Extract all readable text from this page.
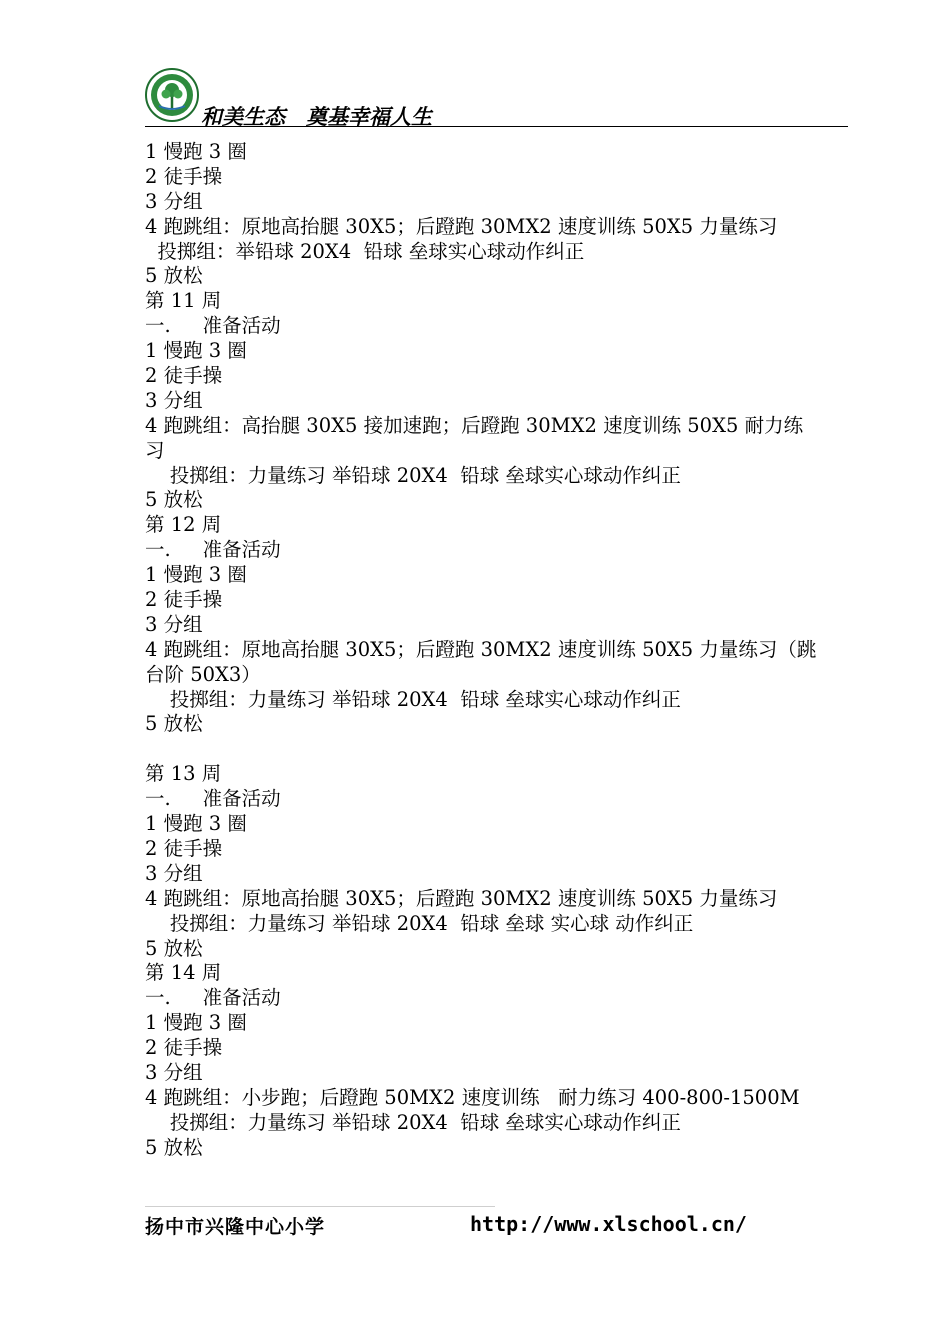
和美生态　奠基幸福人生
1 慢跑 3 圈
2 徒手操
3 分组
4 跑跳组：原地高抬腿 30X5；后蹬跑 30MX2 速度训练 50X5 力量练习
投掷组：举铅球 20X4  铅球 垒球实心球动作纠正
5 放松
第 11 周
一.　  准备活动
1 慢跑 3 圈
2 徒手操
3 分组
4 跑跳组：高抬腿 30X5 接加速跑；后蹬跑 30MX2 速度训练 50X5 耐力练
习
投掷组：力量练习 举铅球 20X4  铅球 垒球实心球动作纠正
5 放松
第 12 周
一.　  准备活动
1 慢跑 3 圈
2 徒手操
3 分组
4 跑跳组：原地高抬腿 30X5；后蹬跑 30MX2 速度训练 50X5 力量练习（跳
台阶 50X3）
投掷组：力量练习 举铅球 20X4  铅球 垒球实心球动作纠正
5 放松
第 13 周
一.　  准备活动
1 慢跑 3 圈
2 徒手操
3 分组
4 跑跳组：原地高抬腿 30X5；后蹬跑 30MX2 速度训练 50X5 力量练习
投掷组：力量练习 举铅球 20X4  铅球 垒球 实心球 动作纠正
5 放松
第 14 周
一.　  准备活动
1 慢跑 3 圈
2 徒手操
3 分组
4 跑跳组：小步跑；后蹬跑 50MX2 速度训练   耐力练习 400-800-1500M
投掷组：力量练习 举铅球 20X4  铅球 垒球实心球动作纠正
5 放松
扬中市兴隆中心小学	http://www.xlschool.cn/
